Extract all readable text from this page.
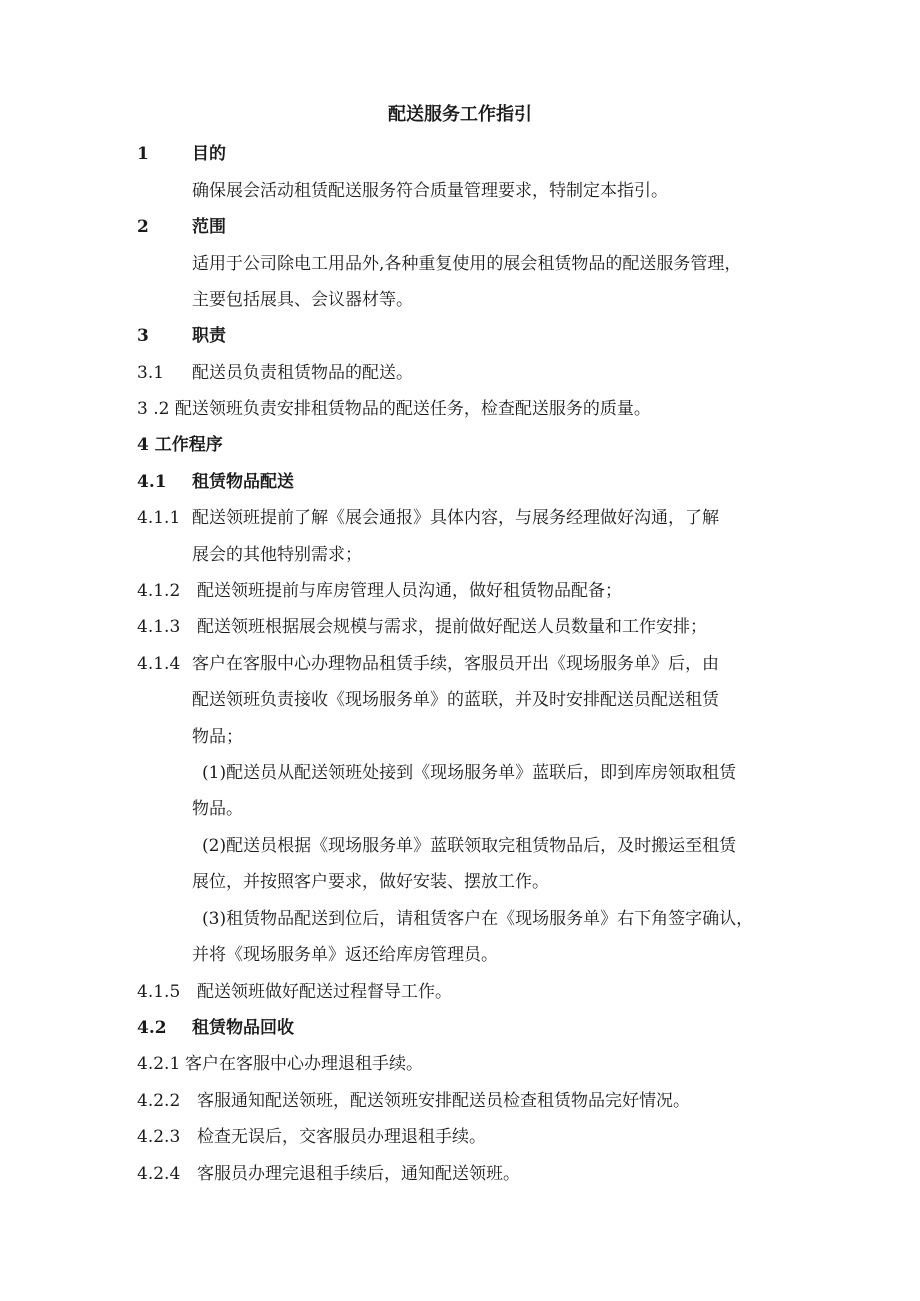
配送服务工作指引
1	目的
确保展会活动租赁配送服务符合质量管理要求，特制定本指引。
2	范围
适用于公司除电工用品外,各种重复使用的展会租赁物品的配送服务管理，
主要包括展具、会议器材等。
3	职责
3.1 配送员负责租赁物品的配送。
3 .2 配送领班负责安排租赁物品的配送任务，检查配送服务的质量。
4 工作程序
4.1 租赁物品配送
4.1.1 配送领班提前了解《展会通报》具体内容，与展务经理做好沟通，了解
展会的其他特别需求；
4.1.2 配送领班提前与库房管理人员沟通，做好租赁物品配备；
4.1.3 配送领班根据展会规模与需求，提前做好配送人员数量和工作安排；
4.1.4 客户在客服中心办理物品租赁手续，客服员开出《现场服务单》后，由
配送领班负责接收《现场服务单》的蓝联，并及时安排配送员配送租赁
物品；
(1)配送员从配送领班处接到《现场服务单》蓝联后，即到库房领取租赁
物品。
(2)配送员根据《现场服务单》蓝联领取完租赁物品后，及时搬运至租赁
展位，并按照客户要求，做好安装、摆放工作。
(3)租赁物品配送到位后，请租赁客户在《现场服务单》右下角签字确认，
并将《现场服务单》返还给库房管理员。
4.1.5 配送领班做好配送过程督导工作。
4.2 租赁物品回收
4.2.1 客户在客服中心办理退租手续。
4.2.2 客服通知配送领班，配送领班安排配送员检查租赁物品完好情况。
4.2.3 检查无误后，交客服员办理退租手续。
4.2.4 客服员办理完退租手续后，通知配送领班。
